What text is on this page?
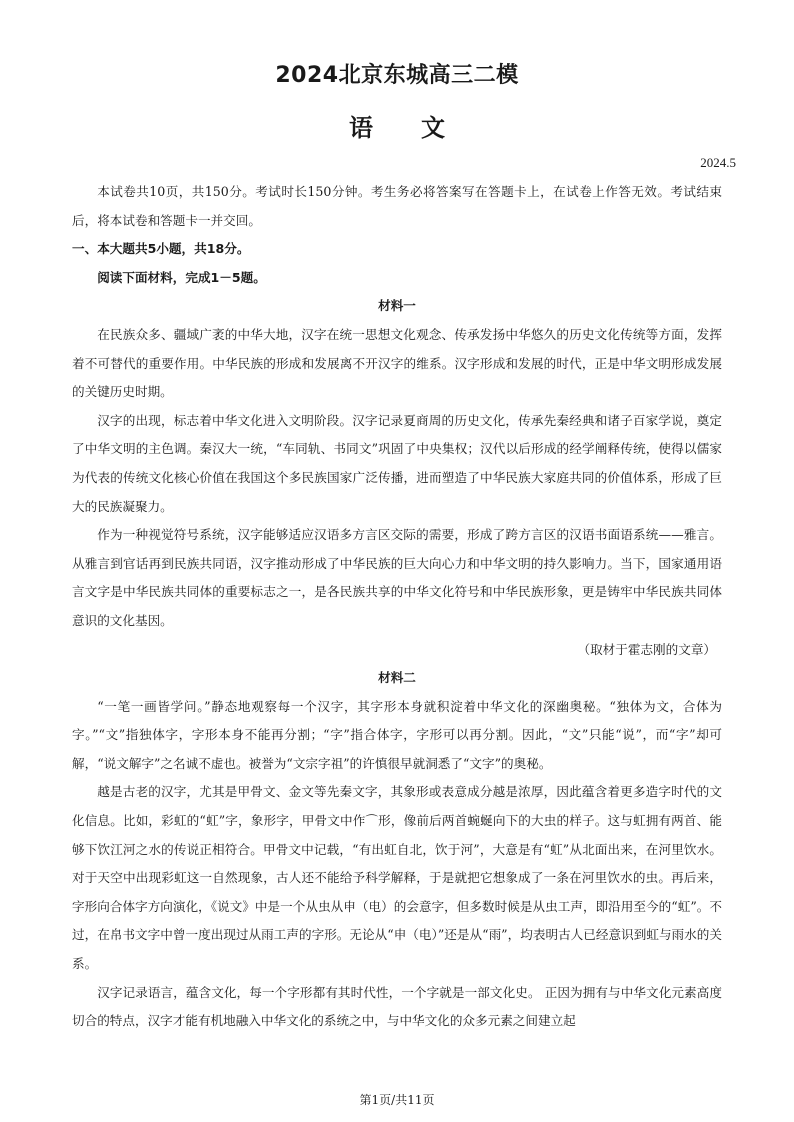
2024北京东城高三二模
语　　文
2024.5

本试卷共10页，共150分。考试时长150分钟。考生务必将答案写在答题卡上，在试卷上作答无效。考试结束后，将本试卷和答题卡一并交回。

一、本大题共5小题，共18分。

阅读下面材料，完成1－5题。

材料一

在民族众多、疆域广袤的中华大地，汉字在统一思想文化观念、传承发扬中华悠久的历史文化传统等方面，发挥着不可替代的重要作用。中华民族的形成和发展离不开汉字的维系。汉字形成和发展的时代，正是中华文明形成发展的关键历史时期。

汉字的出现，标志着中华文化进入文明阶段。汉字记录夏商周的历史文化，传承先秦经典和诸子百家学说，奠定了中华文明的主色调。秦汉大一统，“车同轨、书同文”巩固了中央集权；汉代以后形成的经学阐释传统，使得以儒家为代表的传统文化核心价值在我国这个多民族国家广泛传播，进而塑造了中华民族大家庭共同的价值体系，形成了巨大的民族凝聚力。

作为一种视觉符号系统，汉字能够适应汉语多方言区交际的需要，形成了跨方言区的汉语书面语系统——雅言。从雅言到官话再到民族共同语，汉字推动形成了中华民族的巨大向心力和中华文明的持久影响力。当下，国家通用语言文字是中华民族共同体的重要标志之一，是各民族共享的中华文化符号和中华民族形象，更是铸牢中华民族共同体意识的文化基因。

（取材于霍志刚的文章）

材料二

“一笔一画皆学问。”静态地观察每一个汉字，其字形本身就积淀着中华文化的深幽奥秘。“独体为文，合体为字。”“文”指独体字，字形本身不能再分割；“字”指合体字，字形可以再分割。因此，“文”只能“说”，而“字”却可解，“说文解字”之名诚不虚也。被誉为“文宗字祖”的许慎很早就洞悉了“文字”的奥秘。

越是古老的汉字，尤其是甲骨文、金文等先秦文字，其象形或表意成分越是浓厚，因此蕴含着更多造字时代的文化信息。比如，彩虹的“虹”字，象形字，甲骨文中作⌒形，像前后两首蜿蜒向下的大虫的样子。这与虹拥有两首、能够下饮江河之水的传说正相符合。甲骨文中记载，“有出虹自北，饮于河”，大意是有“虹”从北面出来，在河里饮水。对于天空中出现彩虹这一自然现象，古人还不能给予科学解释，于是就把它想象成了一条在河里饮水的虫。再后来，字形向合体字方向演化，《说文》中是一个从虫从申（电）的会意字，但多数时候是从虫工声，即沿用至今的“虹”。不过，在帛书文字中曾一度出现过从雨工声的字形。无论从“申（电）”还是从“雨”，均表明古人已经意识到虹与雨水的关系。

汉字记录语言，蕴含文化，每一个字形都有其时代性，一个字就是一部文化史。 正因为拥有与中华文化元素高度切合的特点，汉字才能有机地融入中华文化的系统之中，与中华文化的众多元素之间建立起

第1页/共11页
